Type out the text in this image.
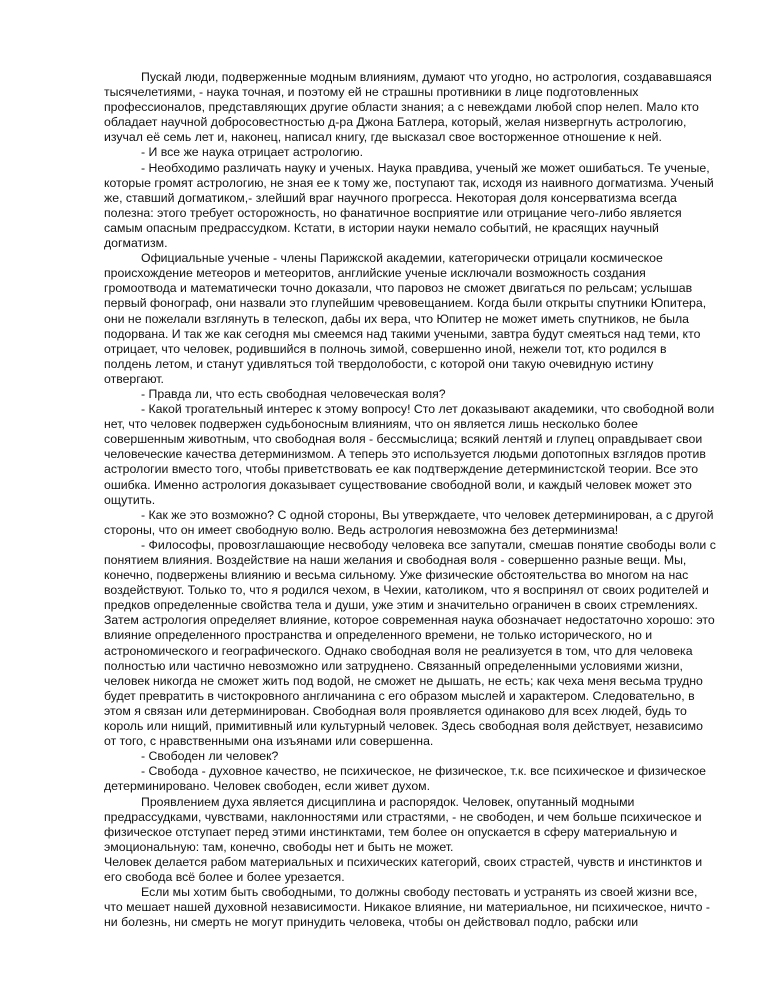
Пускай люди, подверженные модным влияниям, думают что угодно, но астрология, создававшаяся тысячелетиями, - наука точная, и поэтому ей не страшны противники в лице подготовленных профессионалов, представляющих другие области знания; а с невеждами любой спор нелеп. Мало кто обладает научной добросовестностью д-ра Джона Батлера, который, желая низвергнуть астрологию, изучал её семь лет и, наконец, написал книгу, где высказал свое восторженное отношение к ней.

- И все же наука отрицает астрологию.

- Необходимо различать науку и ученых. Наука правдива, ученый же может ошибаться. Те ученые, которые громят астрологию, не зная ее к тому же, поступают так, исходя из наивного догматизма. Ученый же, ставший догматиком,- злейший враг научного прогресса. Некоторая доля консерватизма всегда полезна: этого требует осторожность, но фанатичное восприятие или отрицание чего-либо является самым опасным предрассудком. Кстати, в истории науки немало событий, не красящих научный догматизм.

Официальные ученые - члены Парижской академии, категорически отрицали космическое происхождение метеоров и метеоритов, английские ученые исключали возможность создания громоотвода и математически точно доказали, что паровоз не сможет двигаться по рельсам; услышав первый фонограф, они назвали это глупейшим чревовещанием. Когда были открыты спутники Юпитера, они не пожелали взглянуть в телескоп, дабы их вера, что Юпитер не может иметь спутников, не была подорвана. И так же как сегодня мы смеемся над такими учеными, завтра будут смеяться над теми, кто отрицает, что человек, родившийся в полночь зимой, совершенно иной, нежели тот, кто родился в полдень летом, и станут удивляться той твердолобости, с которой они такую очевидную истину отвергают.

- Правда ли, что есть свободная человеческая воля?

- Какой трогательный интерес к этому вопросу! Сто лет доказывают академики, что свободной воли нет, что человек подвержен судьбоносным влияниям, что он является лишь несколько более совершенным животным, что свободная воля - бессмыслица; всякий лентяй и глупец оправдывает свои человеческие качества детерминизмом. А теперь это используется людьми допотопных взглядов против астрологии вместо того, чтобы приветствовать ее как подтверждение детерминистской теории. Все это ошибка. Именно астрология доказывает существование свободной воли, и каждый человек может это ощутить.

- Как же это возможно? С одной стороны, Вы утверждаете, что человек детерминирован, а с другой стороны, что он имеет свободную волю. Ведь астрология невозможна без детерминизма!

- Философы, провозглашающие несвободу человека все запутали, смешав понятие свободы воли с понятием влияния. Воздействие на наши желания и свободная воля - совершенно разные вещи. Мы, конечно, подвержены влиянию и весьма сильному. Уже физические обстоятельства во многом на нас воздействуют. Только то, что я родился чехом, в Чехии, католиком, что я воспринял от своих родителей и предков определенные свойства тела и души, уже этим и значительно ограничен в своих стремлениях. Затем астрология определяет влияние, которое современная наука обозначает недостаточно хорошо: это влияние определенного пространства и определенного времени, не только исторического, но и астрономического и географического. Однако свободная воля не реализуется в том, что для человека полностью или частично невозможно или затруднено. Связанный определенными условиями жизни, человек никогда не сможет жить под водой, не сможет не дышать, не есть; как чеха меня весьма трудно будет превратить в чистокровного англичанина с его образом мыслей и характером. Следовательно, в этом я связан или детерминирован. Свободная воля проявляется одинаково для всех людей, будь то король или нищий, примитивный или культурный человек. Здесь свободная воля действует, независимо от того, с нравственными она изъянами или совершенна.

- Свободен ли человек?

- Свобода - духовное качество, не психическое, не физическое, т.к. все психическое и физическое детерминировано. Человек свободен, если живет духом.

Проявлением духа является дисциплина и распорядок. Человек, опутанный модными предрассудками, чувствами, наклонностями или страстями, - не свободен, и чем больше психическое и физическое отступает перед этими инстинктами, тем более он опускается в сферу материальную и эмоциональную: там, конечно, свободы нет и быть не может.

Человек делается рабом материальных и психических категорий, своих страстей, чувств и инстинктов и его свобода всё более и более урезается.

Если мы хотим быть свободными, то должны свободу пестовать и устранять из своей жизни все, что мешает нашей духовной независимости. Никакое влияние, ни материальное, ни психическое, ничто - ни болезнь, ни смерть не могут принудить человека, чтобы он действовал подло, рабски или
